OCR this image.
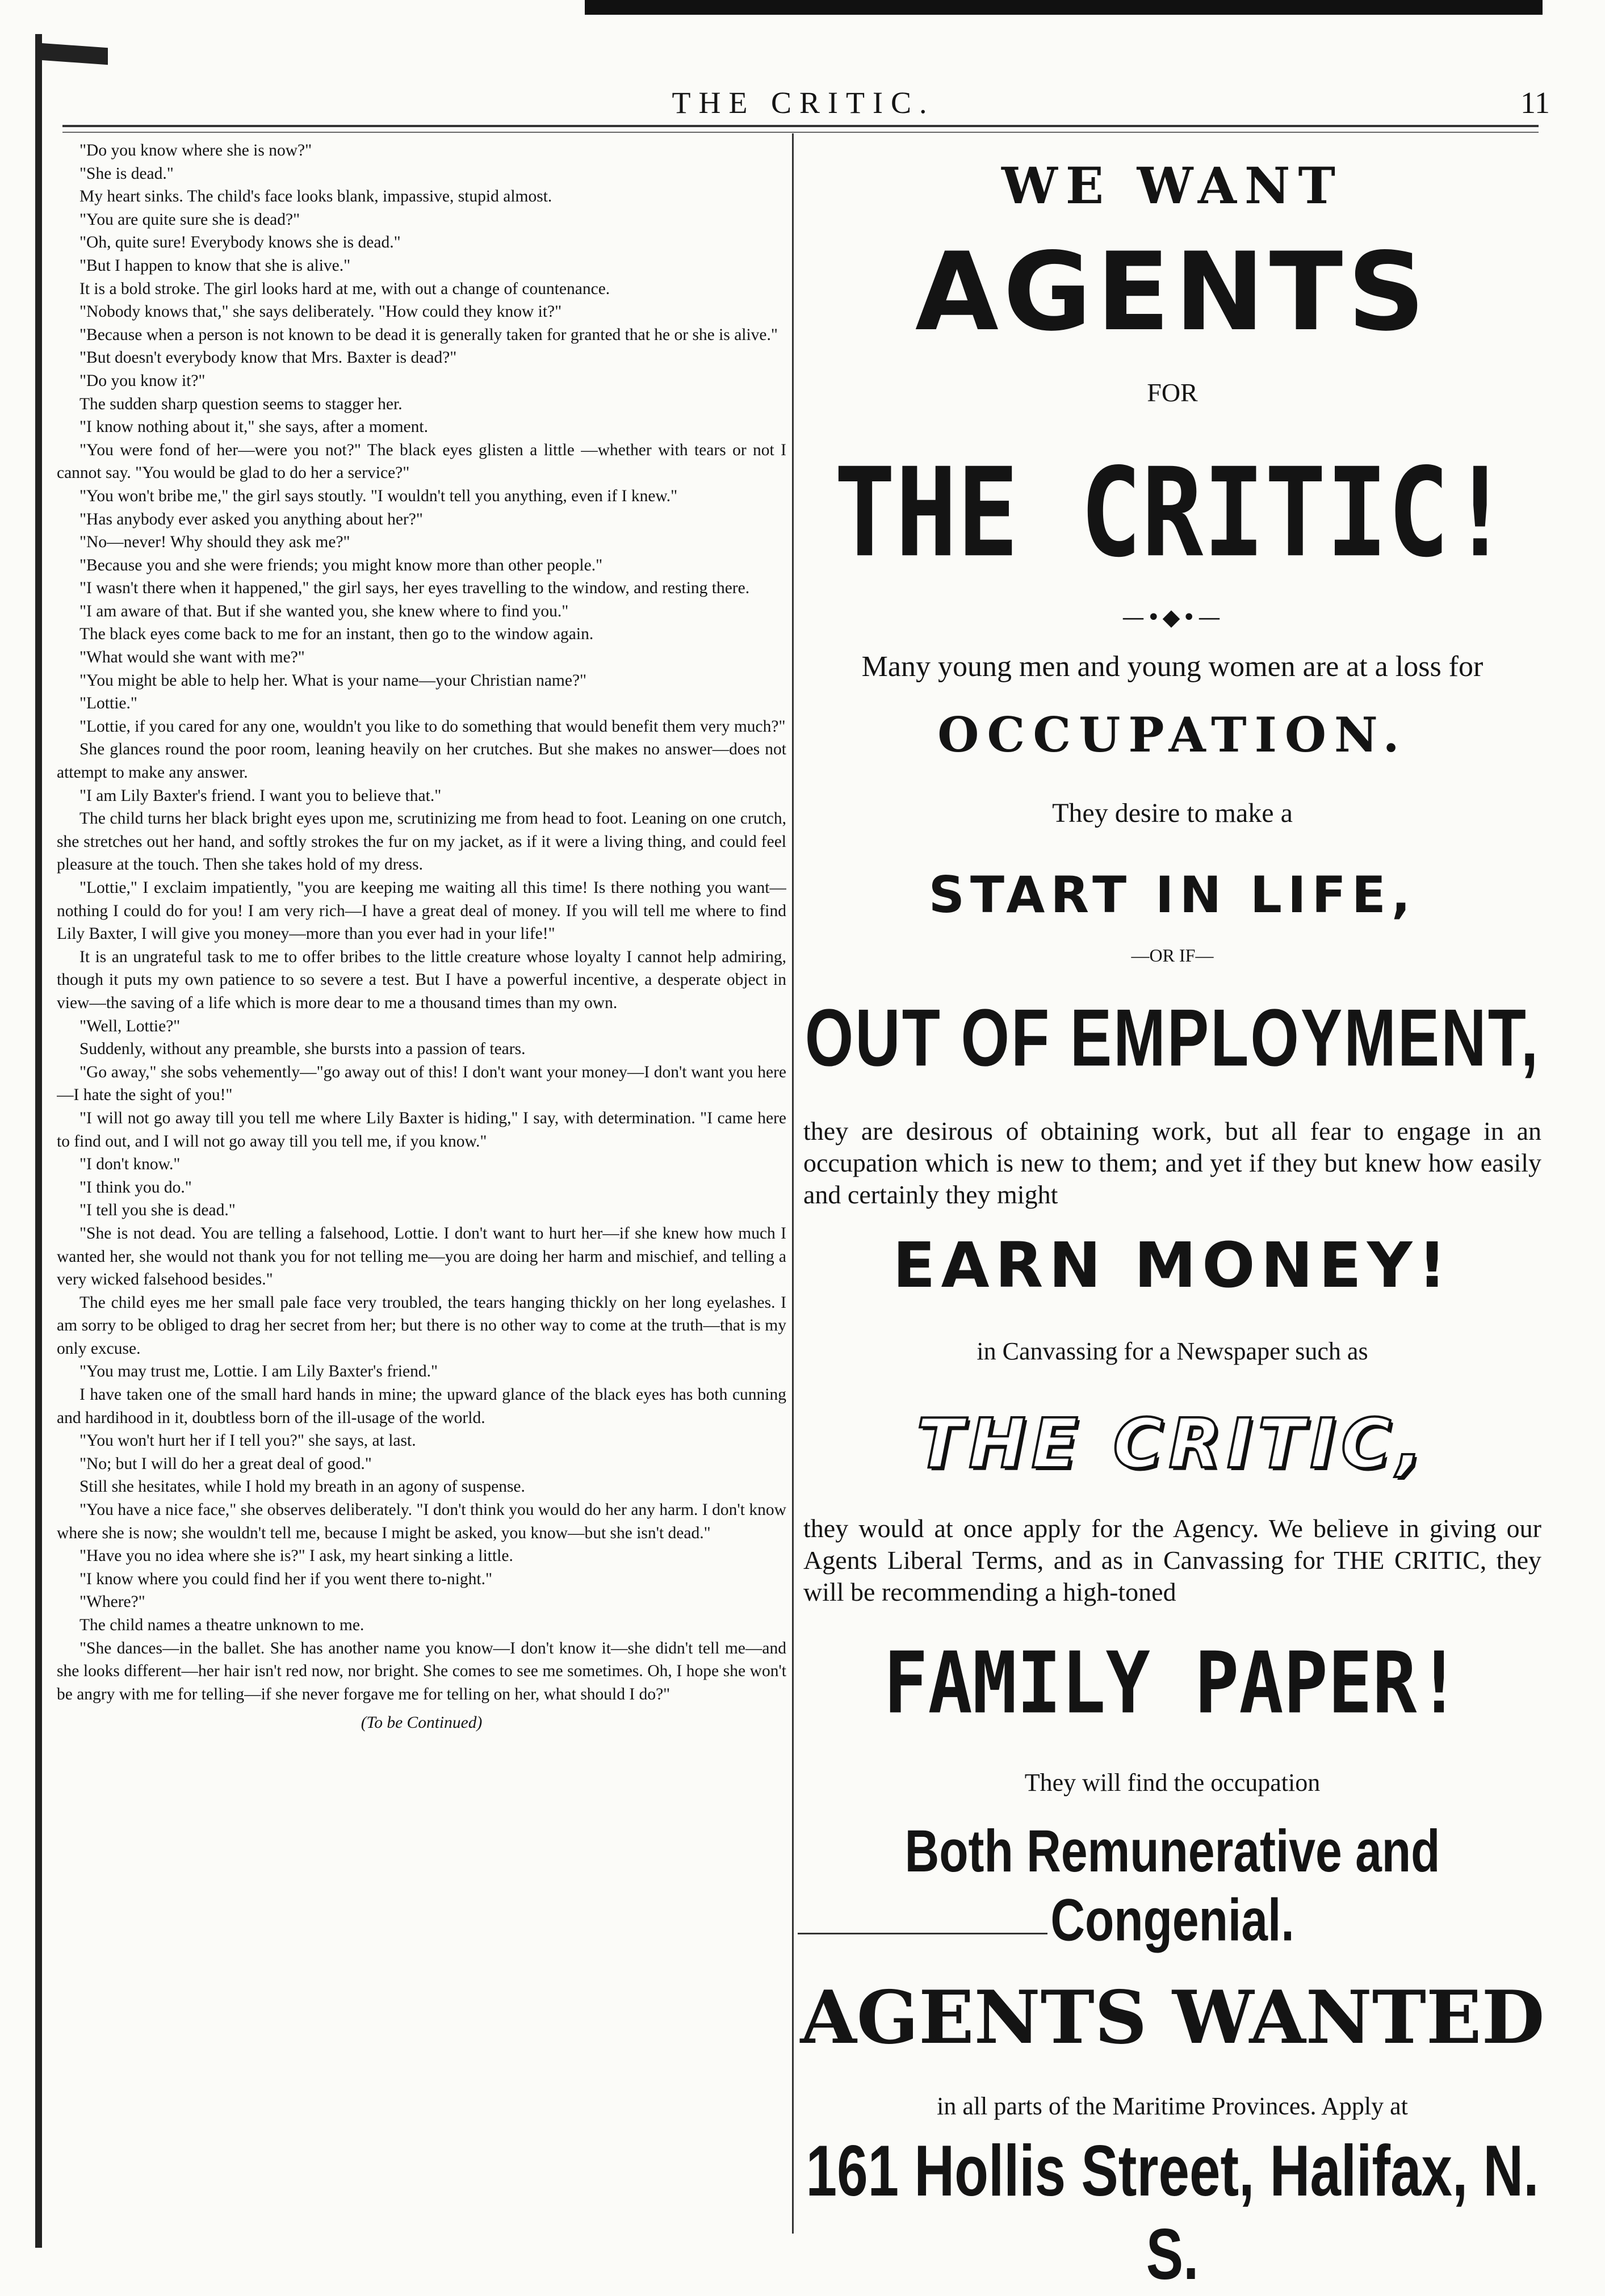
THE CRITIC.	11

"Do you know where she is now?"

"She is dead."

My heart sinks. The child's face looks blank, impassive, stupid almost.

"You are quite sure she is dead?"

"Oh, quite sure! Everybody knows she is dead."

"But I happen to know that she is alive."

It is a bold stroke. The girl looks hard at me, with out a change of countenance.

"Nobody knows that," she says deliberately. "How could they know it?"

"Because when a person is not known to be dead it is generally taken for granted that he or she is alive."

"But doesn't everybody know that Mrs. Baxter is dead?"

"Do you know it?"

The sudden sharp question seems to stagger her.

"I know nothing about it," she says, after a moment.

"You were fond of her—were you not?" The black eyes glisten a little —whether with tears or not I cannot say. "You would be glad to do her a service?"

"You won't bribe me," the girl says stoutly. "I wouldn't tell you anything, even if I knew."

"Has anybody ever asked you anything about her?"

"No—never! Why should they ask me?"

"Because you and she were friends; you might know more than other people."

"I wasn't there when it happened," the girl says, her eyes travelling to the window, and resting there.

"I am aware of that. But if she wanted you, she knew where to find you."

The black eyes come back to me for an instant, then go to the window again.

"What would she want with me?"

"You might be able to help her. What is your name—your Christian name?"

"Lottie."

"Lottie, if you cared for any one, wouldn't you like to do something that would benefit them very much?"

She glances round the poor room, leaning heavily on her crutches. But she makes no answer—does not attempt to make any answer.

"I am Lily Baxter's friend. I want you to believe that."

The child turns her black bright eyes upon me, scrutinizing me from head to foot. Leaning on one crutch, she stretches out her hand, and softly strokes the fur on my jacket, as if it were a living thing, and could feel pleasure at the touch. Then she takes hold of my dress.

"Lottie," I exclaim impatiently, "you are keeping me waiting all this time! Is there nothing you want—nothing I could do for you! I am very rich—I have a great deal of money. If you will tell me where to find Lily Baxter, I will give you money—more than you ever had in your life!"

It is an ungrateful task to me to offer bribes to the little creature whose loyalty I cannot help admiring, though it puts my own patience to so severe a test. But I have a powerful incentive, a desperate object in view—the saving of a life which is more dear to me a thousand times than my own.

"Well, Lottie?"

Suddenly, without any preamble, she bursts into a passion of tears.

"Go away," she sobs vehemently—"go away out of this! I don't want your money—I don't want you here—I hate the sight of you!"

"I will not go away till you tell me where Lily Baxter is hiding," I say, with determination. "I came here to find out, and I will not go away till you tell me, if you know."

"I don't know."

"I think you do."

"I tell you she is dead."

"She is not dead. You are telling a falsehood, Lottie. I don't want to hurt her—if she knew how much I wanted her, she would not thank you for not telling me—you are doing her harm and mischief, and telling a very wicked falsehood besides."

The child eyes me her small pale face very troubled, the tears hanging thickly on her long eyelashes. I am sorry to be obliged to drag her secret from her; but there is no other way to come at the truth—that is my only excuse.

"You may trust me, Lottie. I am Lily Baxter's friend."

I have taken one of the small hard hands in mine; the upward glance of the black eyes has both cunning and hardihood in it, doubtless born of the ill-usage of the world.

"You won't hurt her if I tell you?" she says, at last.

"No; but I will do her a great deal of good."

Still she hesitates, while I hold my breath in an agony of suspense.

"You have a nice face," she observes deliberately. "I don't think you would do her any harm. I don't know where she is now; she wouldn't tell me, because I might be asked, you know—but she isn't dead."

"Have you no idea where she is?" I ask, my heart sinking a little.

"I know where you could find her if you went there to-night."

"Where?"

The child names a theatre unknown to me.

"She dances—in the ballet. She has another name you know—I don't know it—she didn't tell me—and she looks different—her hair isn't red now, nor bright. She comes to see me sometimes. Oh, I hope she won't be angry with me for telling—if she never forgave me for telling on her, what should I do?"

(To be Continued)

WE WANT
AGENTS
FOR
THE CRITIC!
—•◆•—
Many young men and young women are at a loss for
OCCUPATION.
They desire to make a
START IN LIFE,
—OR IF—
OUT OF EMPLOYMENT,
they are desirous of obtaining work, but all fear to engage in an occupation which is new to them; and yet if they but knew how easily and certainly they might
EARN MONEY!
in Canvassing for a Newspaper such as
THE CRITIC,
they would at once apply for the Agency. We believe in giving our Agents Liberal Terms, and as in Canvassing for THE CRITIC, they will be recommending a high-toned
FAMILY PAPER!
They will find the occupation
Both Remunerative and Congenial.
AGENTS WANTED
in all parts of the Maritime Provinces. Apply at
161 Hollis Street, Halifax, N. S.
